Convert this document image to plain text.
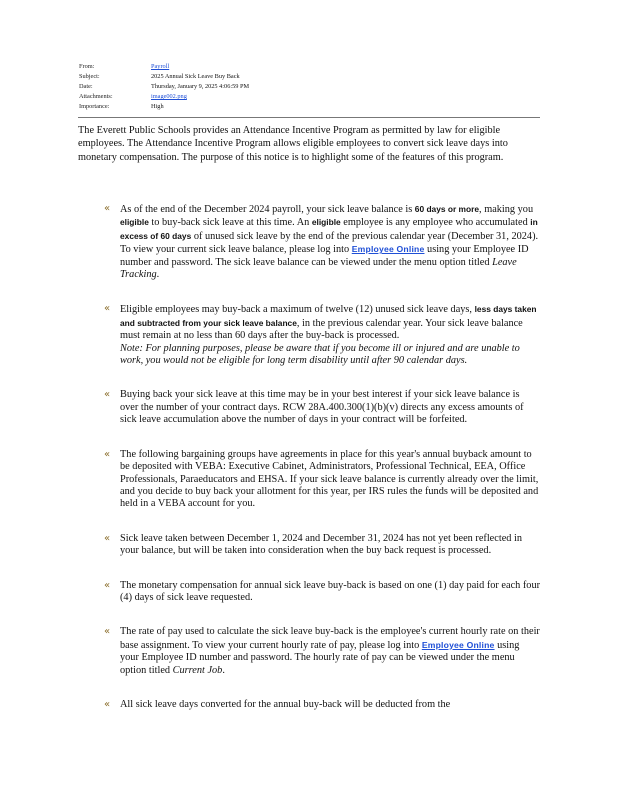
From:	Payroll
Subject:	2025 Annual Sick Leave Buy Back
Date:	Thursday, January 9, 2025 4:06:59 PM
Attachments:	image002.png
Importance:	High

The Everett Public Schools provides an Attendance Incentive Program as permitted by law for eligible employees. The Attendance Incentive Program allows eligible employees to convert sick leave days into monetary compensation. The purpose of this notice is to highlight some of the features of this program.

« As of the end of the December 2024 payroll, your sick leave balance is 60 days or more, making you eligible to buy-back sick leave at this time. An eligible employee is any employee who accumulated in excess of 60 days of unused sick leave by the end of the previous calendar year (December 31, 2024). To view your current sick leave balance, please log into Employee Online using your Employee ID number and password. The sick leave balance can be viewed under the menu option titled Leave Tracking.

« Eligible employees may buy-back a maximum of twelve (12) unused sick leave days, less days taken and subtracted from your sick leave balance, in the previous calendar year. Your sick leave balance must remain at no less than 60 days after the buy-back is processed.

Note: For planning purposes, please be aware that if you become ill or injured and are unable to work, you would not be eligible for long term disability until after 90 calendar days.

« Buying back your sick leave at this time may be in your best interest if your sick leave balance is over the number of your contract days. RCW 28A.400.300(1)(b)(v) directs any excess amounts of sick leave accumulation above the number of days in your contract will be forfeited.

« The following bargaining groups have agreements in place for this year's annual buyback amount to be deposited with VEBA: Executive Cabinet, Administrators, Professional Technical, EEA, Office Professionals, Paraeducators and EHSA. If your sick leave balance is currently already over the limit, and you decide to buy back your allotment for this year, per IRS rules the funds will be deposited and held in a VEBA account for you.

« Sick leave taken between December 1, 2024 and December 31, 2024 has not yet been reflected in your balance, but will be taken into consideration when the buy back request is processed.

« The monetary compensation for annual sick leave buy-back is based on one (1) day paid for each four (4) days of sick leave requested.

« The rate of pay used to calculate the sick leave buy-back is the employee's current hourly rate on their base assignment. To view your current hourly rate of pay, please log into Employee Online using your Employee ID number and password. The hourly rate of pay can be viewed under the menu option titled Current Job.

« All sick leave days converted for the annual buy-back will be deducted from the
